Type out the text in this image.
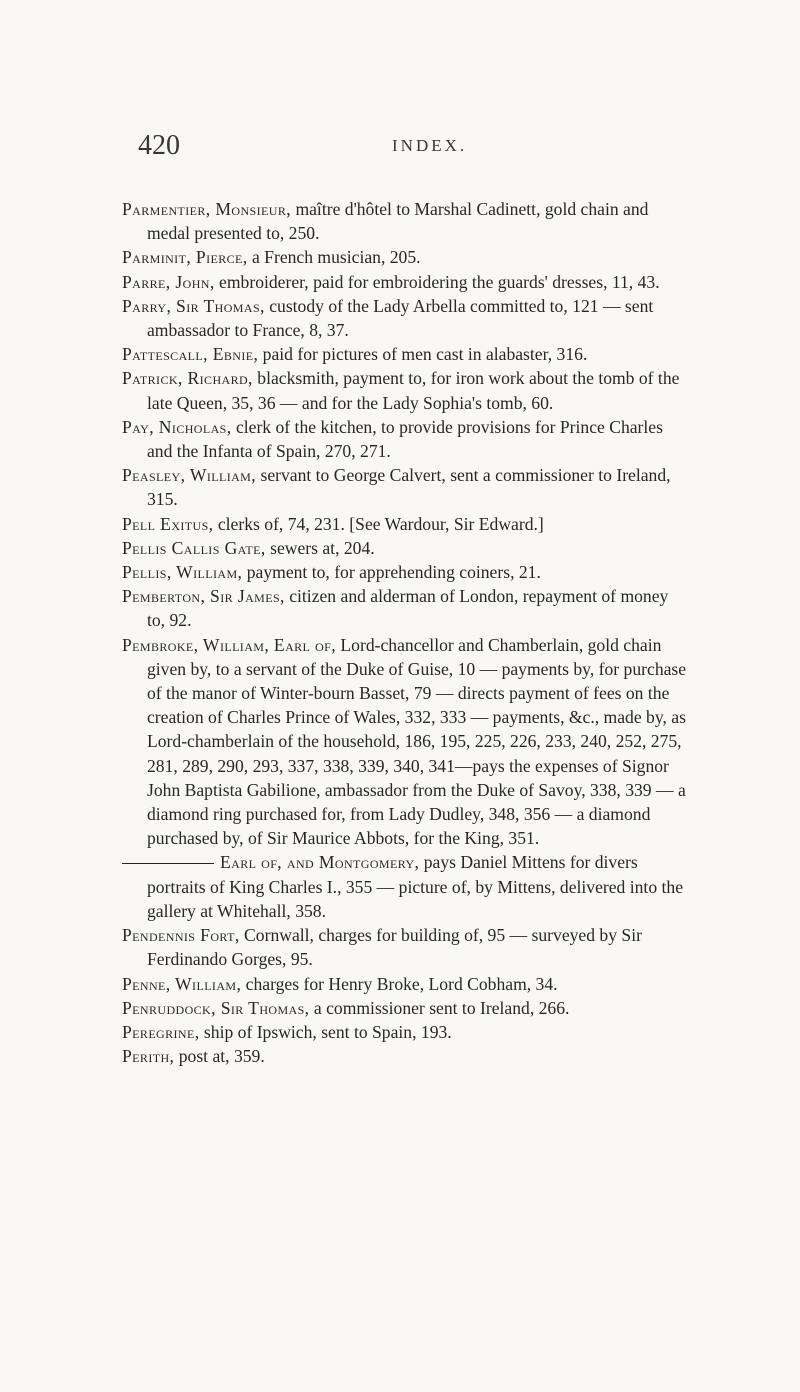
420	INDEX.

Parmentier, Monsieur, maître d'hôtel to Marshal Cadinett, gold chain and medal presented to, 250.

Parminit, Pierce, a French musician, 205.

Parre, John, embroiderer, paid for embroidering the guards' dresses, 11, 43.

Parry, Sir Thomas, custody of the Lady Arbella committed to, 121 — sent ambassador to France, 8, 37.

Pattescall, Ebnie, paid for pictures of men cast in alabaster, 316.

Patrick, Richard, blacksmith, payment to, for iron work about the tomb of the late Queen, 35, 36 — and for the Lady Sophia's tomb, 60.

Pay, Nicholas, clerk of the kitchen, to provide provisions for Prince Charles and the Infanta of Spain, 270, 271.

Peasley, William, servant to George Calvert, sent a commissioner to Ireland, 315.

Pell Exitus, clerks of, 74, 231. [See Wardour, Sir Edward.]

Pellis Callis Gate, sewers at, 204.

Pellis, William, payment to, for apprehending coiners, 21.

Pemberton, Sir James, citizen and alderman of London, repayment of money to, 92.

Pembroke, William, Earl of, Lord-chancellor and Chamberlain, gold chain given by, to a servant of the Duke of Guise, 10 — payments by, for purchase of the manor of Winter-bourn Basset, 79 — directs payment of fees on the creation of Charles Prince of Wales, 332, 333 — payments, &c., made by, as Lord-chamberlain of the household, 186, 195, 225, 226, 233, 240, 252, 275, 281, 289, 290, 293, 337, 338, 339, 340, 341—pays the expenses of Signor John Baptista Gabilione, ambassador from the Duke of Savoy, 338, 339 — a diamond ring purchased for, from Lady Dudley, 348, 356 — a diamond purchased by, of Sir Maurice Abbots, for the King, 351.

Earl of, and Montgomery, pays Daniel Mittens for divers portraits of King Charles I., 355 — picture of, by Mittens, delivered into the gallery at Whitehall, 358.

Pendennis Fort, Cornwall, charges for building of, 95 — surveyed by Sir Ferdinando Gorges, 95.

Penne, William, charges for Henry Broke, Lord Cobham, 34.

Penruddock, Sir Thomas, a commissioner sent to Ireland, 266.

Peregrine, ship of Ipswich, sent to Spain, 193.

Perith, post at, 359.
